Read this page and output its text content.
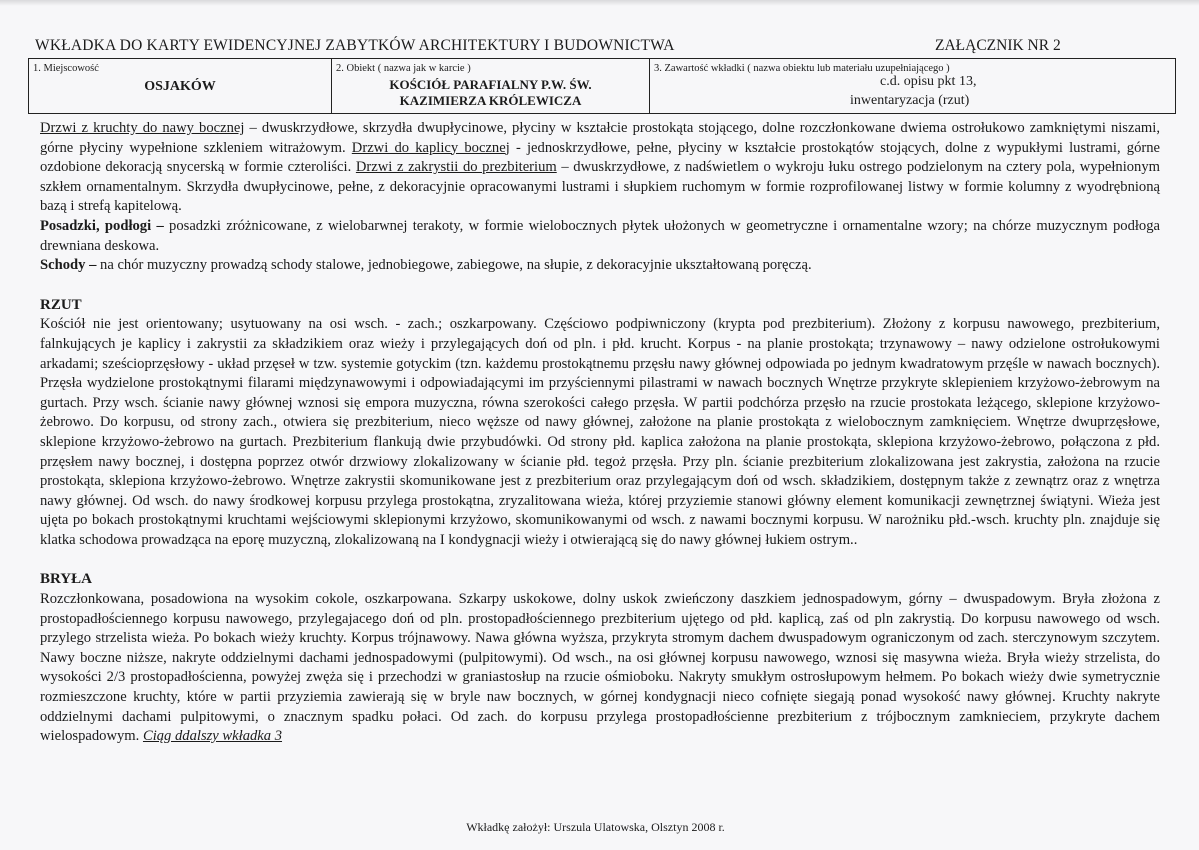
WKŁADKA DO KARTY EWIDENCYJNEJ ZABYTKÓW ARCHITEKTURY I BUDOWNICTWA	ZAŁĄCZNIK NR 2
1. Miejscowość
OSJAKÓW
2. Obiekt ( nazwa jak w karcie )
KOŚCIÓŁ PARAFIALNY P.W. ŚW.
KAZIMIERZA KRÓLEWICZA
3. Zawartość wkładki ( nazwa obiektu lub materiału uzupełniającego )
c.d. opisu pkt 13,
inwentaryzacja (rzut)

Drzwi z kruchty do nawy bocznej – dwuskrzydłowe, skrzydła dwupłycinowe, płyciny w kształcie prostokąta stojącego, dolne rozczłonkowane dwiema ostrołukowo zamkniętymi niszami, górne płyciny wypełnione szkleniem witrażowym. Drzwi do kaplicy bocznej - jednoskrzydłowe, pełne, płyciny w kształcie prostokątów stojących, dolne z wypukłymi lustrami, górne ozdobione dekoracją snycerską w formie czteroliści. Drzwi z zakrystii do prezbiterium – dwuskrzydłowe, z nadświetlem o wykroju łuku ostrego podzielonym na cztery pola, wypełnionym szkłem ornamentalnym. Skrzydła dwupłycinowe, pełne, z dekoracyjnie opracowanymi lustrami i słupkiem ruchomym w formie rozprofilowanej listwy w formie kolumny z wyodrębnioną bazą i strefą kapitelową.

Posadzki, podłogi – posadzki zróżnicowane, z wielobarwnej terakoty, w formie wielobocznych płytek ułożonych w geometryczne i ornamentalne wzory; na chórze muzycznym podłoga drewniana deskowa.

Schody – na chór muzyczny prowadzą schody stalowe, jednobiegowe, zabiegowe, na słupie, z dekoracyjnie ukształtowaną poręczą.

RZUT

Kościół nie jest orientowany; usytuowany na osi wsch. - zach.; oszkarpowany. Częściowo podpiwniczony (krypta pod prezbiterium). Złożony z korpusu nawowego, prezbiterium, falnkujących je kaplicy i zakrystii za składzikiem oraz wieży i przylegających doń od pln. i płd. krucht. Korpus - na planie prostokąta; trzynawowy – nawy odzielone ostrołukowymi arkadami; sześcioprzęsłowy - układ przęseł w tzw. systemie gotyckim (tzn. każdemu prostokątnemu przęsłu nawy głównej odpowiada po jednym kwadratowym przęśle w nawach bocznych). Przęsła wydzielone prostokątnymi filarami międzynawowymi i odpowiadającymi im przyściennymi pilastrami w nawach bocznych Wnętrze przykryte sklepieniem krzyżowo-żebrowym na gurtach. Przy wsch. ścianie nawy głównej wznosi się empora muzyczna, równa szerokości całego przęsła. W partii podchórza przęsło na rzucie prostokata leżącego, sklepione krzyżowo-żebrowo. Do korpusu, od strony zach., otwiera się prezbiterium, nieco węższe od nawy głównej, założone na planie prostokąta z wielobocznym zamknięciem. Wnętrze dwuprzęsłowe, sklepione krzyżowo-żebrowo na gurtach. Prezbiterium flankują dwie przybudówki. Od strony płd. kaplica założona na planie prostokąta, sklepiona krzyżowo-żebrowo, połączona z płd. przęsłem nawy bocznej, i dostępna poprzez otwór drzwiowy zlokalizowany w ścianie płd. tegoż przęsła. Przy pln. ścianie prezbiterium zlokalizowana jest zakrystia, założona na rzucie prostokąta, sklepiona krzyżowo-żebrowo. Wnętrze zakrystii skomunikowane jest z prezbiterium oraz przylegającym doń od wsch. składzikiem, dostępnym także z zewnątrz oraz z wnętrza nawy głównej. Od wsch. do nawy środkowej korpusu przylega prostokątna, zryzalitowana wieża, której przyziemie stanowi główny element komunikacji zewnętrznej świątyni. Wieża jest ujęta po bokach prostokątnymi kruchtami wejściowymi sklepionymi krzyżowo, skomunikowanymi od wsch. z nawami bocznymi korpusu. W narożniku płd.-wsch. kruchty pln. znajduje się klatka schodowa prowadząca na eporę muzyczną, zlokalizowaną na I kondygnacji wieży i otwierającą się do nawy głównej łukiem ostrym..

BRYŁA

Rozczłonkowana, posadowiona na wysokim cokole, oszkarpowana. Szkarpy uskokowe, dolny uskok zwieńczony daszkiem jednospadowym, górny – dwuspadowym. Bryła złożona z prostopadłościennego korpusu nawowego, przylegajacego doń od pln. prostopadłościennego prezbiterium ujętego od płd. kaplicą, zaś od pln zakrystią. Do korpusu nawowego od wsch. przylego strzelista wieża. Po bokach wieży kruchty. Korpus trójnawowy. Nawa główna wyższa, przykryta stromym dachem dwuspadowym ograniczonym od zach. sterczynowym szczytem. Nawy boczne niższe, nakryte oddzielnymi dachami jednospadowymi (pulpitowymi). Od wsch., na osi głównej korpusu nawowego, wznosi się masywna wieża. Bryła wieży strzelista, do wysokości 2/3 prostopadłościenna, powyżej zwęża się i przechodzi w graniastosłup na rzucie ośmioboku. Nakryty smukłym ostrosłupowym hełmem. Po bokach wieży dwie symetrycznie rozmieszczone kruchty, które w partii przyziemia zawierają się w bryle naw bocznych, w górnej kondygnacji nieco cofnięte siegają ponad wysokość nawy głównej. Kruchty nakryte oddzielnymi dachami pulpitowymi, o znacznym spadku połaci. Od zach. do korpusu przylega prostopadłościenne prezbiterium z trójbocznym zamknieciem, przykryte dachem wielospadowym. Ciąg ddalszy wkładka 3

Wkładkę założył: Urszula Ulatowska, Olsztyn 2008 r.
